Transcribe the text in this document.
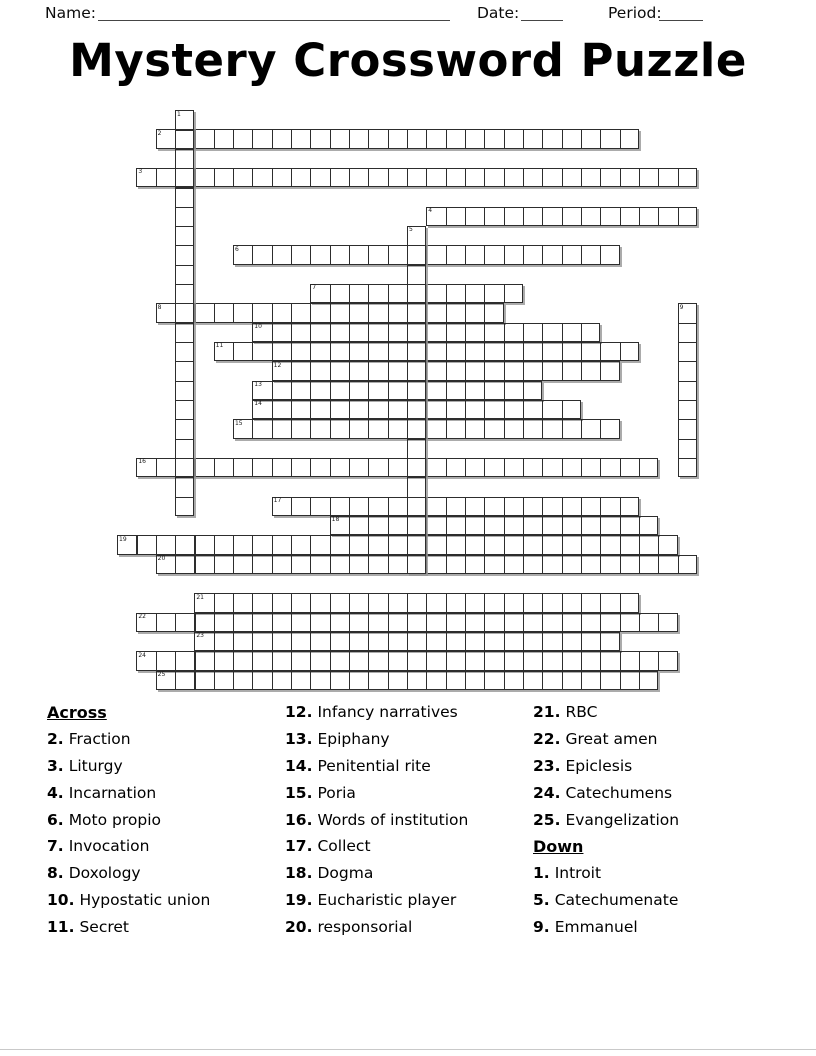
Name:	Date:	Period:
Mystery Crossword Puzzle
1
2
3
4
5
6
7
8	9
10
11
12
13
14
15
16
17
18
19
20
21
22
23
24
25
Across
2. Fraction
3. Liturgy
4. Incarnation
6. Moto propio
7. Invocation
8. Doxology
10. Hypostatic union
11. Secret
12. Infancy narratives
13. Epiphany
14. Penitential rite
15. Poria
16. Words of institution
17. Collect
18. Dogma
19. Eucharistic player
20. responsorial
21. RBC
22. Great amen
23. Epiclesis
24. Catechumens
25. Evangelization
Down
1. Introit
5. Catechumenate
9. Emmanuel
